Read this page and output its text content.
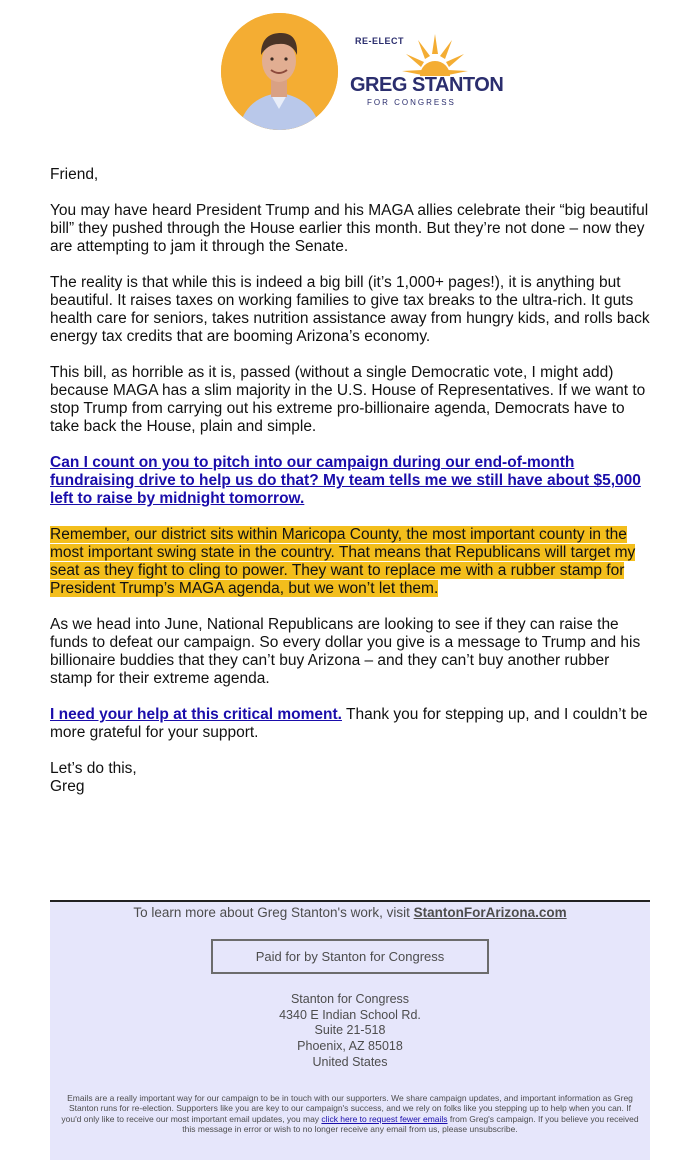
RE-ELECT
GREG STANTON
FOR CONGRESS

Friend,

You may have heard President Trump and his MAGA allies celebrate their “big beautiful bill” they pushed through the House earlier this month. But they’re not done – now they are attempting to jam it through the Senate.

The reality is that while this is indeed a big bill (it’s 1,000+ pages!), it is anything but beautiful. It raises taxes on working families to give tax breaks to the ultra-rich. It guts health care for seniors, takes nutrition assistance away from hungry kids, and rolls back energy tax credits that are booming Arizona’s economy.

This bill, as horrible as it is, passed (without a single Democratic vote, I might add) because MAGA has a slim majority in the U.S. House of Representatives. If we want to stop Trump from carrying out his extreme pro-billionaire agenda, Democrats have to take back the House, plain and simple.

Can I count on you to pitch into our campaign during our end-of-month fundraising drive to help us do that? My team tells me we still have about $5,000 left to raise by midnight tomorrow.

Remember, our district sits within Maricopa County, the most important county in the most important swing state in the country. That means that Republicans will target my seat as they fight to cling to power. They want to replace me with a rubber stamp for President Trump’s MAGA agenda, but we won’t let them.

As we head into June, National Republicans are looking to see if they can raise the funds to defeat our campaign. So every dollar you give is a message to Trump and his billionaire buddies that they can’t buy Arizona – and they can’t buy another rubber stamp for their extreme agenda.

I need your help at this critical moment. Thank you for stepping up, and I couldn’t be more grateful for your support.

Let’s do this,
Greg

To learn more about Greg Stanton's work, visit StantonForArizona.com
Paid for by Stanton for Congress
Stanton for Congress
4340 E Indian School Rd.
Suite 21-518
Phoenix, AZ 85018
United States
Emails are a really important way for our campaign to be in touch with our supporters. We share campaign updates, and important information as Greg Stanton runs for re-election. Supporters like you are key to our campaign's success, and we rely on folks like you stepping up to help when you can. If you'd only like to receive our most important email updates, you may click here to request fewer emails from Greg's campaign. If you believe you received this message in error or wish to no longer receive any email from us, please unsubscribe.
